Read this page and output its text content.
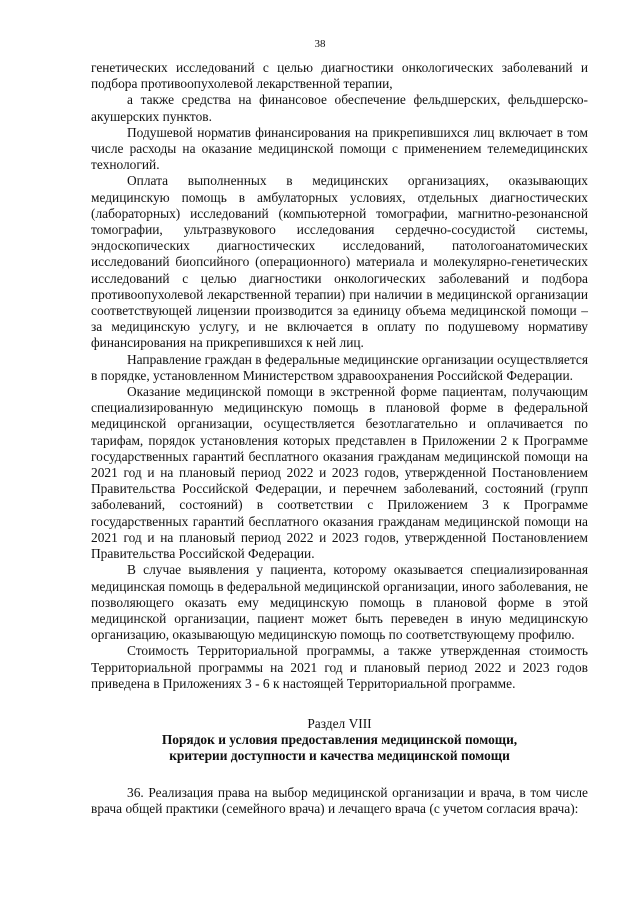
38

генетических исследований с целью диагностики онкологических заболеваний и подбора противоопухолевой лекарственной терапии,

а также средства на финансовое обеспечение фельдшерских, фельдшерско-акушерских пунктов.

Подушевой норматив финансирования на прикрепившихся лиц включает в том числе расходы на оказание медицинской помощи с применением телемедицинских технологий.

Оплата выполненных в медицинских организациях, оказывающих медицинскую помощь в амбулаторных условиях, отдельных диагностических (лабораторных) исследований (компьютерной томографии, магнитно-резонансной томографии, ультразвукового исследования сердечно-сосудистой системы, эндоскопических диагностических исследований, патологоанатомических исследований биопсийного (операционного) материала и молекулярно-генетических исследований с целью диагностики онкологических заболеваний и подбора противоопухолевой лекарственной терапии) при наличии в медицинской организации соответствующей лицензии производится за единицу объема медицинской помощи – за медицинскую услугу, и не включается в оплату по подушевому нормативу финансирования на прикрепившихся к ней лиц.

Направление граждан в федеральные медицинские организации осуществляется в порядке, установленном Министерством здравоохранения Российской Федерации.

Оказание медицинской помощи в экстренной форме пациентам, получающим специализированную медицинскую помощь в плановой форме в федеральной медицинской организации, осуществляется безотлагательно и оплачивается по тарифам, порядок установления которых представлен в Приложении 2 к Программе государственных гарантий бесплатного оказания гражданам медицинской помощи на 2021 год и на плановый период 2022 и 2023 годов, утвержденной Постановлением Правительства Российской Федерации, и перечнем заболеваний, состояний (групп заболеваний, состояний) в соответствии с Приложением 3 к Программе государственных гарантий бесплатного оказания гражданам медицинской помощи на 2021 год и на плановый период 2022 и 2023 годов, утвержденной Постановлением Правительства Российской Федерации.

В случае выявления у пациента, которому оказывается специализированная медицинская помощь в федеральной медицинской организации, иного заболевания, не позволяющего оказать ему медицинскую помощь в плановой форме в этой медицинской организации, пациент может быть переведен в иную медицинскую организацию, оказывающую медицинскую помощь по соответствующему профилю.

Стоимость Территориальной программы, а также утвержденная стоимость Территориальной программы на 2021 год и плановый период 2022 и 2023 годов приведена в Приложениях 3 - 6 к настоящей Территориальной программе.

Раздел VIII
Порядок и условия предоставления медицинской помощи,
критерии доступности и качества медицинской помощи

36. Реализация права на выбор медицинской организации и врача, в том числе врача общей практики (семейного врача) и лечащего врача (с учетом согласия врача):
